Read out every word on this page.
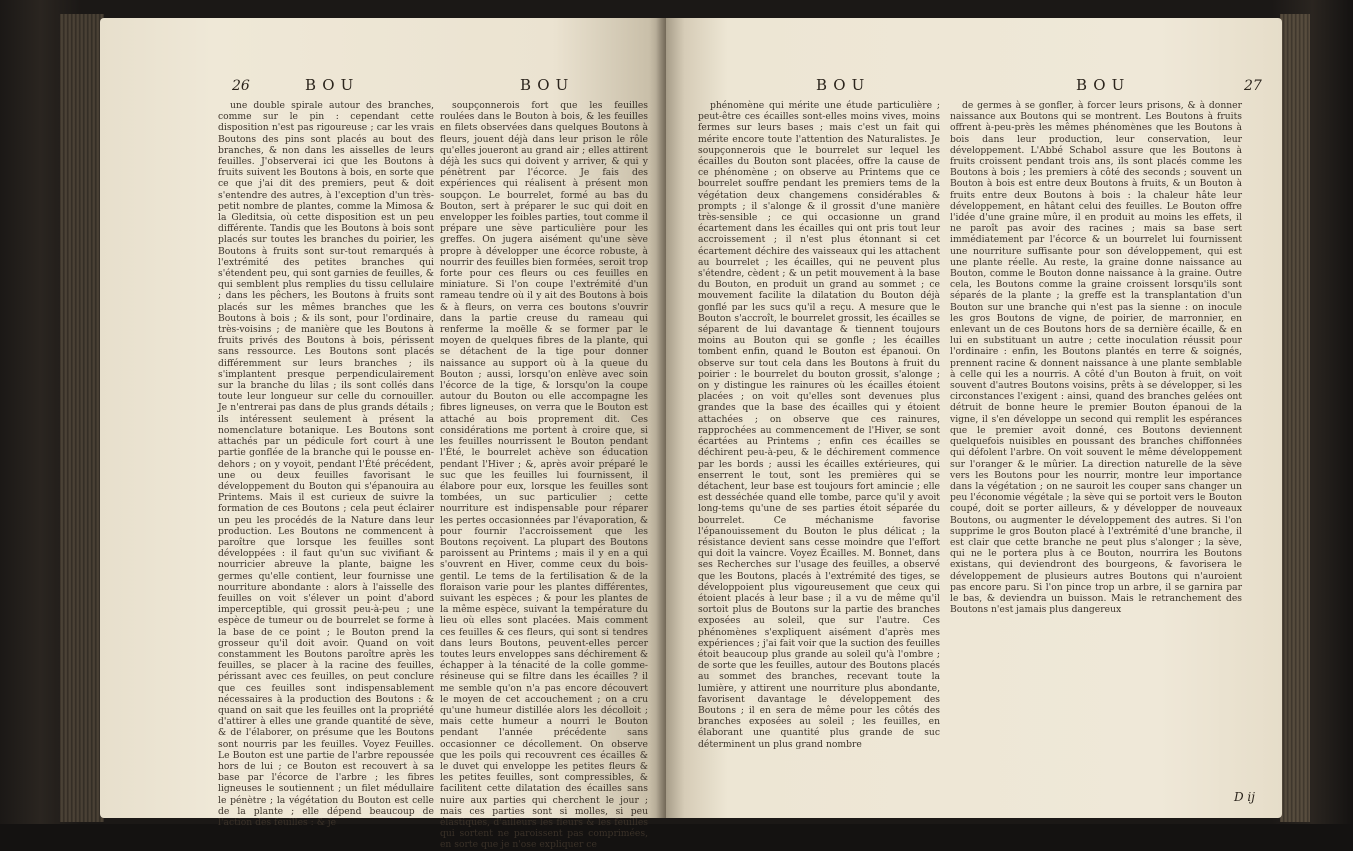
26	BOU	BOU

une double spirale autour des branches, comme sur le pin : cependant cette disposition n'est pas rigoureuse ; car les vrais Boutons des pins sont placés au bout des branches, & non dans les aisselles de leurs feuilles. J'observerai ici que les Boutons à fruits suivent les Boutons à bois, en sorte que ce que j'ai dit des premiers, peut & doit s'entendre des autres, à l'exception d'un très-petit nombre de plantes, comme la Mimosa & la Gleditsia, où cette disposition est un peu différente. Tandis que les Boutons à bois sont placés sur toutes les branches du poirier, les Boutons à fruits sont sur-tout remarqués à l'extrémité des petites branches qui s'étendent peu, qui sont garnies de feuilles, & qui semblent plus remplies du tissu cellulaire ; dans les pêchers, les Boutons à fruits sont placés sur les mêmes branches que les Boutons à bois ; & ils sont, pour l'ordinaire, très-voisins ; de manière que les Boutons à fruits privés des Boutons à bois, périssent sans ressource. Les Boutons sont placés différemment sur leurs branches ; ils s'implantent presque perpendiculairement sur la branche du lilas ; ils sont collés dans toute leur longueur sur celle du cornouiller. Je n'entrerai pas dans de plus grands détails ; ils intéressent seulement à présent la nomenclature botanique. Les Boutons sont attachés par un pédicule fort court à une partie gonflée de la branche qui le pousse en-dehors ; on y voyoit, pendant l'Été précédent, une ou deux feuilles favorisant le développement du Bouton qui s'épanouira au Printems. Mais il est curieux de suivre la formation de ces Boutons ; cela peut éclairer un peu les procédés de la Nature dans leur production. Les Boutons ne commencent à paroître que lorsque les feuilles sont développées : il faut qu'un suc vivifiant & nourricier abreuve la plante, baigne les germes qu'elle contient, leur fournisse une nourriture abondante : alors à l'aisselle des feuilles on voit s'élever un point d'abord imperceptible, qui grossit peu-à-peu ; une espèce de tumeur ou de bourrelet se forme à la base de ce point ; le Bouton prend la grosseur qu'il doit avoir. Quand on voit constamment les Boutons paroître après les feuilles, se placer à la racine des feuilles, périssant avec ces feuilles, on peut conclure que ces feuilles sont indispensablement nécessaires à la production des Boutons : & quand on sait que les feuilles ont la propriété d'attirer à elles une grande quantité de sève, & de l'élaborer, on présume que les Boutons sont nourris par les feuilles. Voyez Feuilles. Le Bouton est une partie de l'arbre repoussée hors de lui ; ce Bouton est recouvert à sa base par l'écorce de l'arbre ; les fibres ligneuses le soutiennent ; un filet médullaire le pénètre ; la végétation du Bouton est celle de la plante ; elle dépend beaucoup de l'action des feuilles : & je

soupçonnerois fort que les feuilles roulées dans le Bouton à bois, & les feuilles en filets observées dans quelques Boutons à fleurs, jouent déjà dans leur prison le rôle qu'elles joueront au grand air ; elles attirent déjà les sucs qui doivent y arriver, & qui y pénètrent par l'écorce. Je fais des expériences qui réalisent à présent mon soupçon. Le bourrelet, formé au bas du Bouton, sert à préparer le suc qui doit en envelopper les foibles parties, tout comme il prépare une sève particulière pour les greffes. On jugera aisément qu'une sève propre à développer une écorce robuste, à nourrir des feuilles bien formées, seroit trop forte pour ces fleurs ou ces feuilles en miniature. Si l'on coupe l'extrémité d'un rameau tendre où il y ait des Boutons à bois & à fleurs, on verra ces boutons s'ouvrir dans la partie creuse du rameau qui renferme la moëlle & se former par le moyen de quelques fibres de la plante, qui se détachent de la tige pour donner naissance au support où à la queue du Bouton ; aussi, lorsqu'on enlève avec soin l'écorce de la tige, & lorsqu'on la coupe autour du Bouton ou elle accompagne les fibres ligneuses, on verra que le Bouton est attaché au bois proprement dit. Ces considérations me portent à croire que, si les feuilles nourrissent le Bouton pendant l'Été, le bourrelet achève son éducation pendant l'Hiver ; &, après avoir préparé le suc que les feuilles lui fournissent, il élabore pour eux, lorsque les feuilles sont tombées, un suc particulier ; cette nourriture est indispensable pour réparer les pertes occasionnées par l'évaporation, & pour fournir l'accroissement que les Boutons reçoivent. La plupart des Boutons paroissent au Printems ; mais il y en a qui s'ouvrent en Hiver, comme ceux du bois-gentil. Le tems de la fertilisation & de la floraison varie pour les plantes différentes, suivant les espèces ; & pour les plantes de la même espèce, suivant la température du lieu où elles sont placées. Mais comment ces feuilles & ces fleurs, qui sont si tendres dans leurs Boutons, peuvent-elles percer toutes leurs enveloppes sans déchirement & échapper à la ténacité de la colle gomme-résineuse qui se filtre dans les écailles ? il me semble qu'on n'a pas encore découvert le moyen de cet accouchement ; on a cru qu'une humeur distillée alors les décolloit ; mais cette humeur a nourri le Bouton pendant l'année précédente sans occasionner ce décollement. On observe que les poils qui recouvrent ces écailles & le duvet qui enveloppe les petites fleurs & les petites feuilles, sont compressibles, & facilitent cette dilatation des écailles sans nuire aux parties qui cherchent le jour ; mais ces parties sont si molles, si peu élastiques, d'ailleurs les fleurs & les feuilles qui sortent ne paroissent pas comprimées, en sorte que je n'ose expliquer ce

BOU	BOU	27

phénomène qui mérite une étude particulière ; peut-être ces écailles sont-elles moins vives, moins fermes sur leurs bases ; mais c'est un fait qui mérite encore toute l'attention des Naturalistes. Je soupçonnerois que le bourrelet sur lequel les écailles du Bouton sont placées, offre la cause de ce phénomène ; on observe au Printems que ce bourrelet souffre pendant les premiers tems de la végétation deux changemens considérables & prompts ; il s'alonge & il grossit d'une manière très-sensible ; ce qui occasionne un grand écartement dans les écailles qui ont pris tout leur accroissement ; il n'est plus étonnant si cet écartement déchire des vaisseaux qui les attachent au bourrelet ; les écailles, qui ne peuvent plus s'étendre, cèdent ; & un petit mouvement à la base du Bouton, en produit un grand au sommet ; ce mouvement facilite la dilatation du Bouton déjà gonflé par les sucs qu'il a reçu. A mesure que le Bouton s'accroît, le bourrelet grossit, les écailles se séparent de lui davantage & tiennent toujours moins au Bouton qui se gonfle ; les écailles tombent enfin, quand le Bouton est épanoui. On observe sur tout cela dans les Boutons à fruit du poirier : le bourrelet du bouton grossit, s'alonge ; on y distingue les rainures où les écailles étoient placées ; on voit qu'elles sont devenues plus grandes que la base des écailles qui y étoient attachées ; on observe que ces rainures, rapprochées au commencement de l'Hiver, se sont écartées au Printems ; enfin ces écailles se déchirent peu-à-peu, & le déchirement commence par les bords ; aussi les écailles extérieures, qui enserrent le tout, sont les premières qui se détachent, leur base est toujours fort amincie ; elle est desséchée quand elle tombe, parce qu'il y avoit long-tems qu'une de ses parties étoit séparée du bourrelet. Ce méchanisme favorise l'épanouissement du Bouton le plus délicat ; la résistance devient sans cesse moindre que l'effort qui doit la vaincre. Voyez Écailles. M. Bonnet, dans ses Recherches sur l'usage des feuilles, a observé que les Boutons, placés à l'extrémité des tiges, se développoient plus vigoureusement que ceux qui étoient placés à leur base ; il a vu de même qu'il sortoit plus de Boutons sur la partie des branches exposées au soleil, que sur l'autre. Ces phénomènes s'expliquent aisément d'après mes expériences ; j'ai fait voir que la suction des feuilles étoit beaucoup plus grande au soleil qu'à l'ombre ; de sorte que les feuilles, autour des Boutons placés au sommet des branches, recevant toute la lumière, y attirent une nourriture plus abondante, favorisent davantage le développement des Boutons ; il en sera de même pour les côtés des branches exposées au soleil ; les feuilles, en élaborant une quantité plus grande de suc déterminent un plus grand nombre

de germes à se gonfler, à forcer leurs prisons, & à donner naissance aux Boutons qui se montrent. Les Boutons à fruits offrent à-peu-près les mêmes phénomènes que les Boutons à bois dans leur production, leur conservation, leur développement. L'Abbé Schabol assure que les Boutons à fruits croissent pendant trois ans, ils sont placés comme les Boutons à bois ; les premiers à côté des seconds ; souvent un Bouton à bois est entre deux Boutons à fruits, & un Bouton à fruits entre deux Boutons à bois : la chaleur hâte leur développement, en hâtant celui des feuilles. Le Bouton offre l'idée d'une graine mûre, il en produit au moins les effets, il ne paroît pas avoir des racines ; mais sa base sert immédiatement par l'écorce & un bourrelet lui fournissent une nourriture suffisante pour son développement, qui est une plante réelle. Au reste, la graine donne naissance au Bouton, comme le Bouton donne naissance à la graine. Outre cela, les Boutons comme la graine croissent lorsqu'ils sont séparés de la plante ; la greffe est la transplantation d'un Bouton sur une branche qui n'est pas la sienne : on inocule les gros Boutons de vigne, de poirier, de marronnier, en enlevant un de ces Boutons hors de sa dernière écaille, & en lui en substituant un autre ; cette inoculation réussit pour l'ordinaire : enfin, les Boutons plantés en terre & soignés, prennent racine & donnent naissance à une plante semblable à celle qui les a nourris. A côté d'un Bouton à fruit, on voit souvent d'autres Boutons voisins, prêts à se développer, si les circonstances l'exigent : ainsi, quand des branches gelées ont détruit de bonne heure le premier Bouton épanoui de la vigne, il s'en développe un second qui remplit les espérances que le premier avoit donné, ces Boutons deviennent quelquefois nuisibles en poussant des branches chiffonnées qui défolent l'arbre. On voit souvent le même développement sur l'oranger & le mûrier. La direction naturelle de la sève vers les Boutons pour les nourrir, montre leur importance dans la végétation ; on ne sauroit les couper sans changer un peu l'économie végétale ; la sève qui se portoit vers le Bouton coupé, doit se porter ailleurs, & y développer de nouveaux Boutons, ou augmenter le développement des autres. Si l'on supprime le gros Bouton placé à l'extrémité d'une branche, il est clair que cette branche ne peut plus s'alonger ; la sève, qui ne le portera plus à ce Bouton, nourrira les Boutons existans, qui deviendront des bourgeons, & favorisera le développement de plusieurs autres Boutons qui n'auroient pas encore paru. Si l'on pince trop un arbre, il se garnira par le bas, & deviendra un buisson. Mais le retranchement des Boutons n'est jamais plus dangereux

D ij
